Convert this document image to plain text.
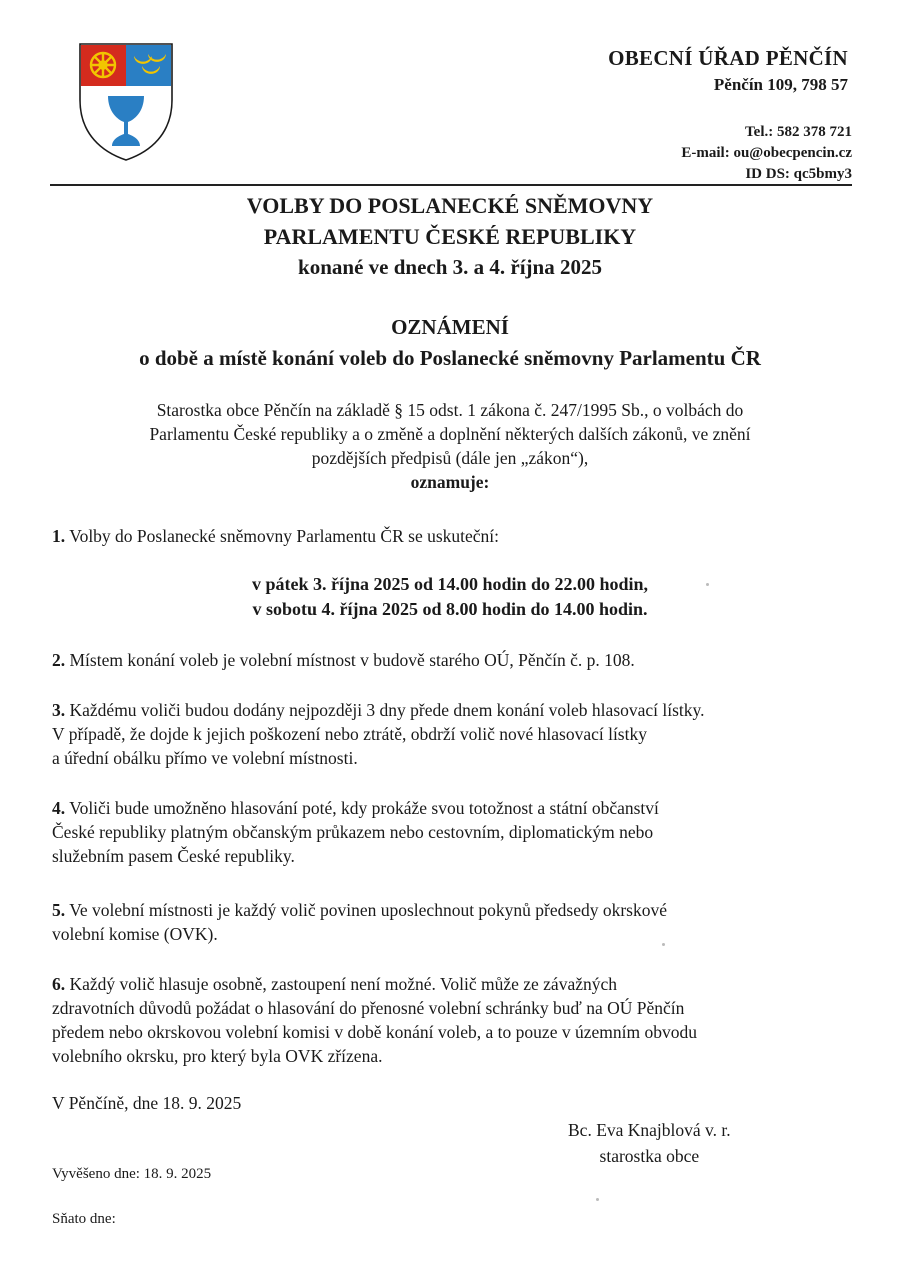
OBECNÍ ÚŘAD PĚNČÍN
Pěnčín 109, 798 57
Tel.: 582 378 721
E-mail: ou@obecpencin.cz
ID DS: qc5bmy3
VOLBY DO POSLANECKÉ SNĚMOVNY
PARLAMENTU ČESKÉ REPUBLIKY
konané ve dnech 3. a 4. října 2025
OZNÁMENÍ
o době a místě konání voleb do Poslanecké sněmovny Parlamentu ČR
Starostka obce Pěnčín na základě § 15 odst. 1 zákona č. 247/1995 Sb., o volbách do
Parlamentu České republiky a o změně a doplnění některých dalších zákonů, ve znění
pozdějších předpisů (dále jen „zákon“),
oznamuje:
1. Volby do Poslanecké sněmovny Parlamentu ČR se uskuteční:
v pátek 3. října 2025 od 14.00 hodin do 22.00 hodin,
v sobotu 4. října 2025 od 8.00 hodin do 14.00 hodin.
2. Místem konání voleb je volební místnost v budově starého OÚ, Pěnčín č. p. 108.
3. Každému voliči budou dodány nejpozději 3 dny přede dnem konání voleb hlasovací lístky.
V případě, že dojde k jejich poškození nebo ztrátě, obdrží volič nové hlasovací lístky
a úřední obálku přímo ve volební místnosti.
4. Voliči bude umožněno hlasování poté, kdy prokáže svou totožnost a státní občanství
České republiky platným občanským průkazem nebo cestovním, diplomatickým nebo
služebním pasem České republiky.
5. Ve volební místnosti je každý volič povinen uposlechnout pokynů předsedy okrskové
volební komise (OVK).
6. Každý volič hlasuje osobně, zastoupení není možné. Volič může ze závažných
zdravotních důvodů požádat o hlasování do přenosné volební schránky buď na OÚ Pěnčín
předem nebo okrskovou volební komisi v době konání voleb, a to pouze v územním obvodu
volebního okrsku, pro který byla OVK zřízena.
V Pěnčíně, dne 18. 9. 2025
Bc. Eva Knajblová v. r.
starostka obce
Vyvěšeno dne: 18. 9. 2025
Sňato dne:
